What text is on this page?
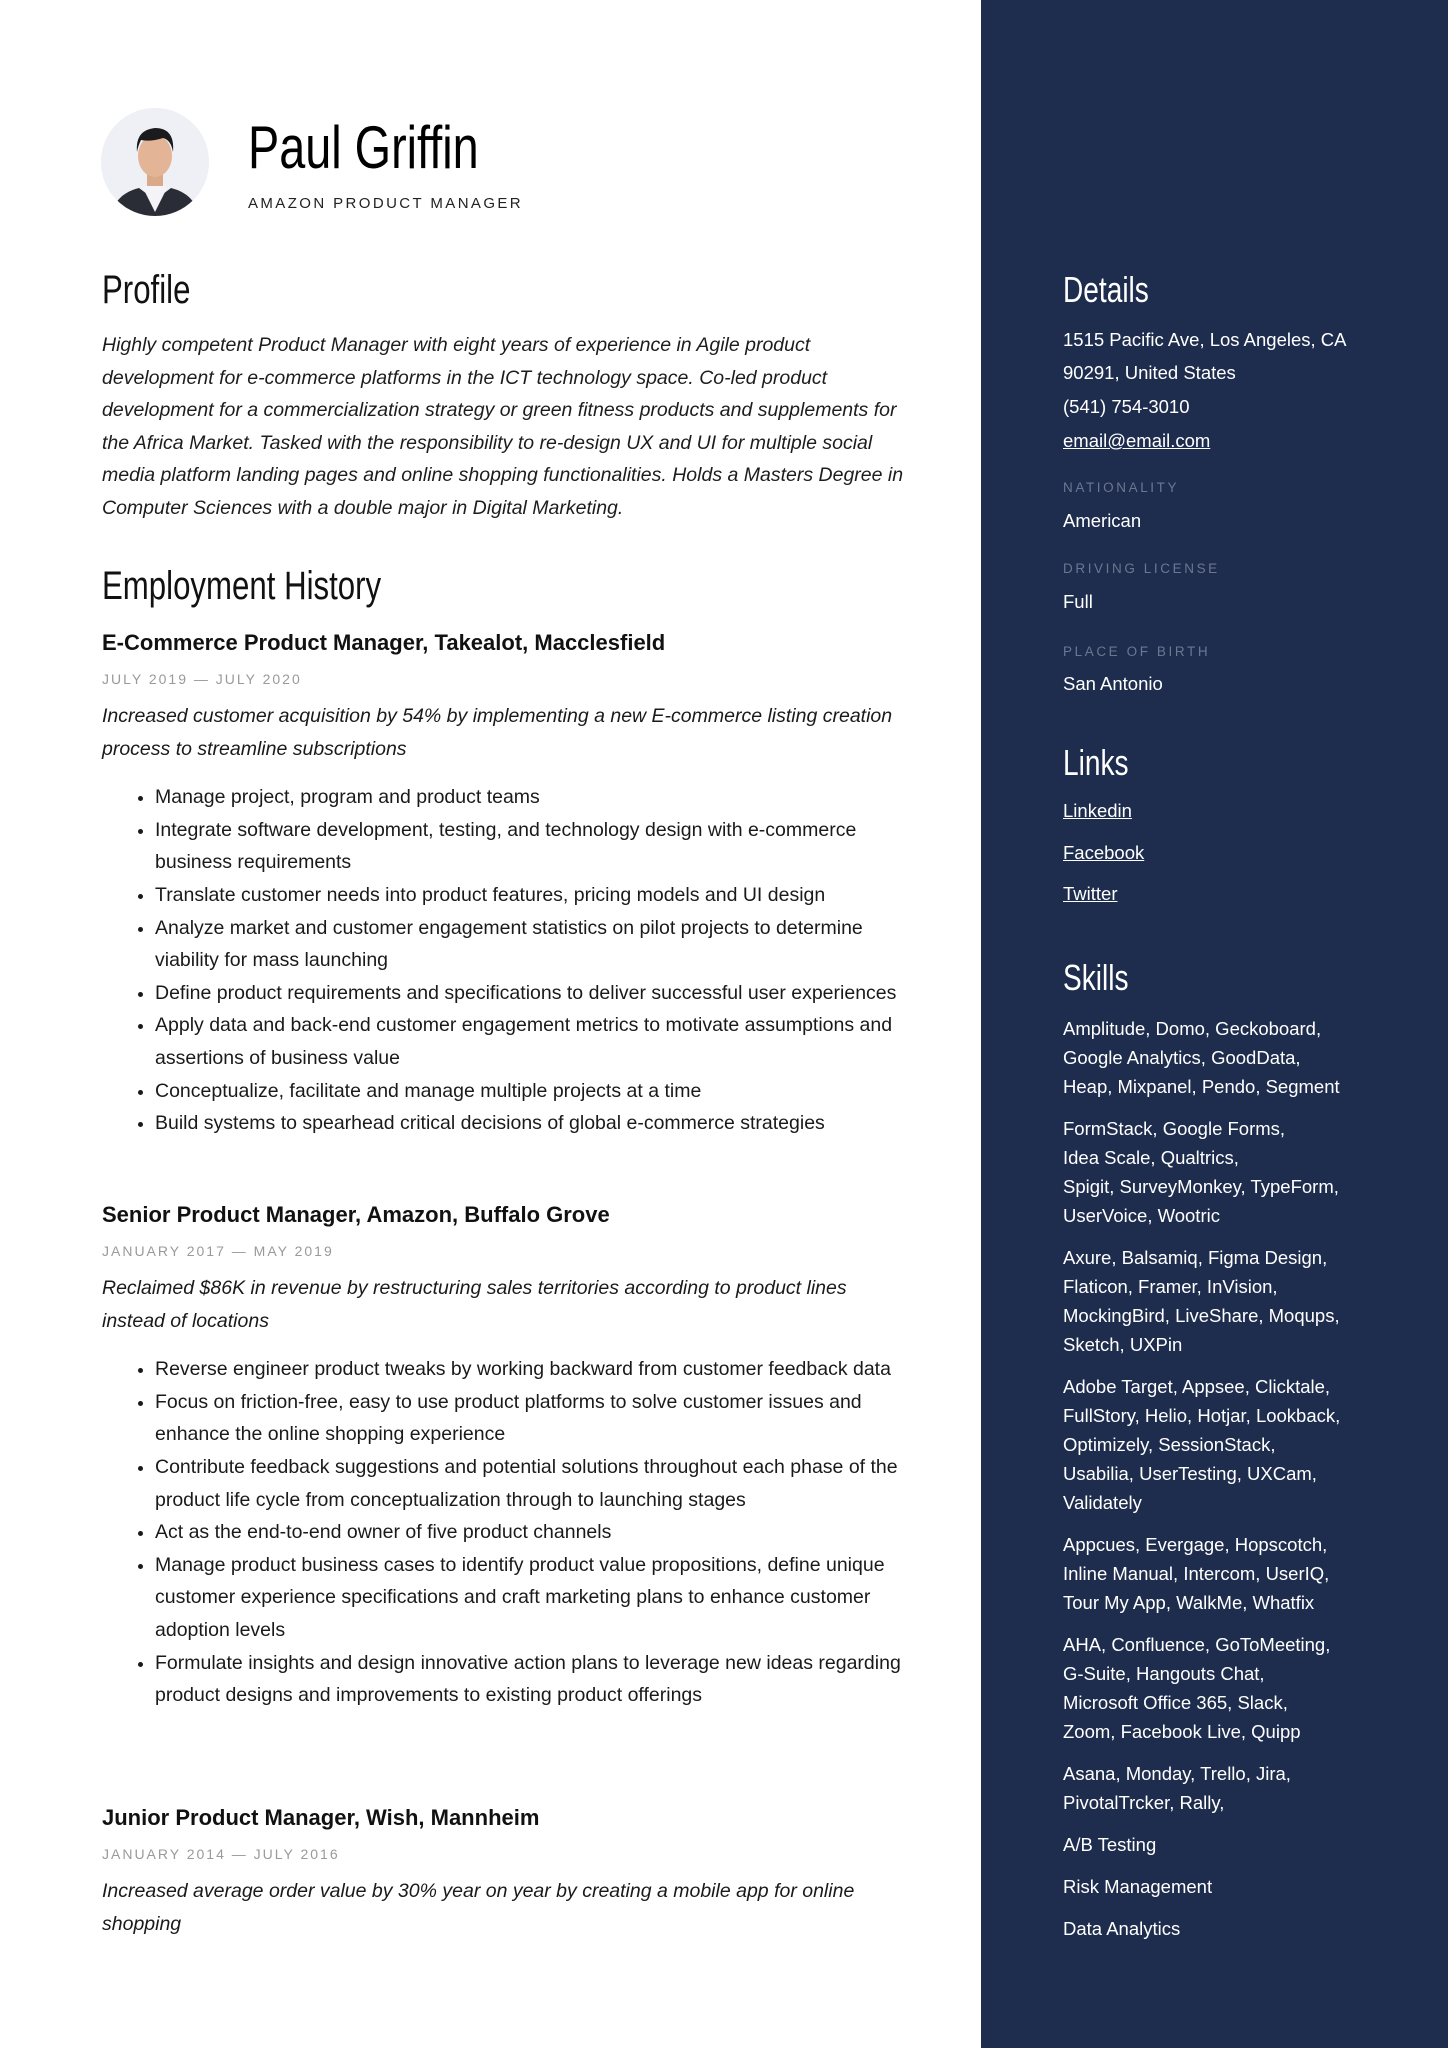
Paul Griffin
AMAZON PRODUCT MANAGER
Profile
Highly competent Product Manager with eight years of experience in Agile product development for e-commerce platforms in the ICT technology space. Co-led product development for a commercialization strategy or green fitness products and supplements for the Africa Market. Tasked with the responsibility to re-design UX and UI for multiple social media platform landing pages and online shopping functionalities. Holds a Masters Degree in Computer Sciences with a double major in Digital Marketing.
Employment History
E-Commerce Product Manager, Takealot, Macclesfield
JULY 2019 — JULY 2020
Increased customer acquisition by 54% by implementing a new E-commerce listing creation process to streamline subscriptions
• Manage project, program and product teams
• Integrate software development, testing, and technology design with e-commerce business requirements
• Translate customer needs into product features, pricing models and UI design
• Analyze market and customer engagement statistics on pilot projects to determine viability for mass launching
• Define product requirements and specifications to deliver successful user experiences
• Apply data and back-end customer engagement metrics to motivate assumptions and assertions of business value
• Conceptualize, facilitate and manage multiple projects at a time
• Build systems to spearhead critical decisions of global e-commerce strategies
Senior Product Manager, Amazon, Buffalo Grove
JANUARY 2017 — MAY 2019
Reclaimed $86K in revenue by restructuring sales territories according to product lines instead of locations
• Reverse engineer product tweaks by working backward from customer feedback data
• Focus on friction-free, easy to use product platforms to solve customer issues and enhance the online shopping experience
• Contribute feedback suggestions and potential solutions throughout each phase of the product life cycle from conceptualization through to launching stages
• Act as the end-to-end owner of five product channels
• Manage product business cases to identify product value propositions, define unique customer experience specifications and craft marketing plans to enhance customer adoption levels
• Formulate insights and design innovative action plans to leverage new ideas regarding product designs and improvements to existing product offerings
Junior Product Manager, Wish, Mannheim
JANUARY 2014 — JULY 2016
Increased average order value by 30% year on year by creating a mobile app for online shopping
Details
1515 Pacific Ave, Los Angeles, CA
90291, United States
(541) 754-3010
email@email.com
NATIONALITY
American
DRIVING LICENSE
Full
PLACE OF BIRTH
San Antonio
Links
Linkedin
Facebook
Twitter
Skills
Amplitude, Domo, Geckoboard,
Google Analytics, GoodData,
Heap, Mixpanel, Pendo, Segment
FormStack, Google Forms,
Idea Scale, Qualtrics,
Spigit, SurveyMonkey, TypeForm,
UserVoice, Wootric
Axure, Balsamiq, Figma Design,
Flaticon, Framer, InVision,
MockingBird, LiveShare, Moqups,
Sketch, UXPin
Adobe Target, Appsee, Clicktale,
FullStory, Helio, Hotjar, Lookback,
Optimizely, SessionStack,
Usabilia, UserTesting, UXCam,
Validately
Appcues, Evergage, Hopscotch,
Inline Manual, Intercom, UserIQ,
Tour My App, WalkMe, Whatfix
AHA, Confluence, GoToMeeting,
G-Suite, Hangouts Chat,
Microsoft Office 365, Slack,
Zoom, Facebook Live, Quipp
Asana, Monday, Trello, Jira,
PivotalTrcker, Rally,
A/B Testing
Risk Management
Data Analytics
